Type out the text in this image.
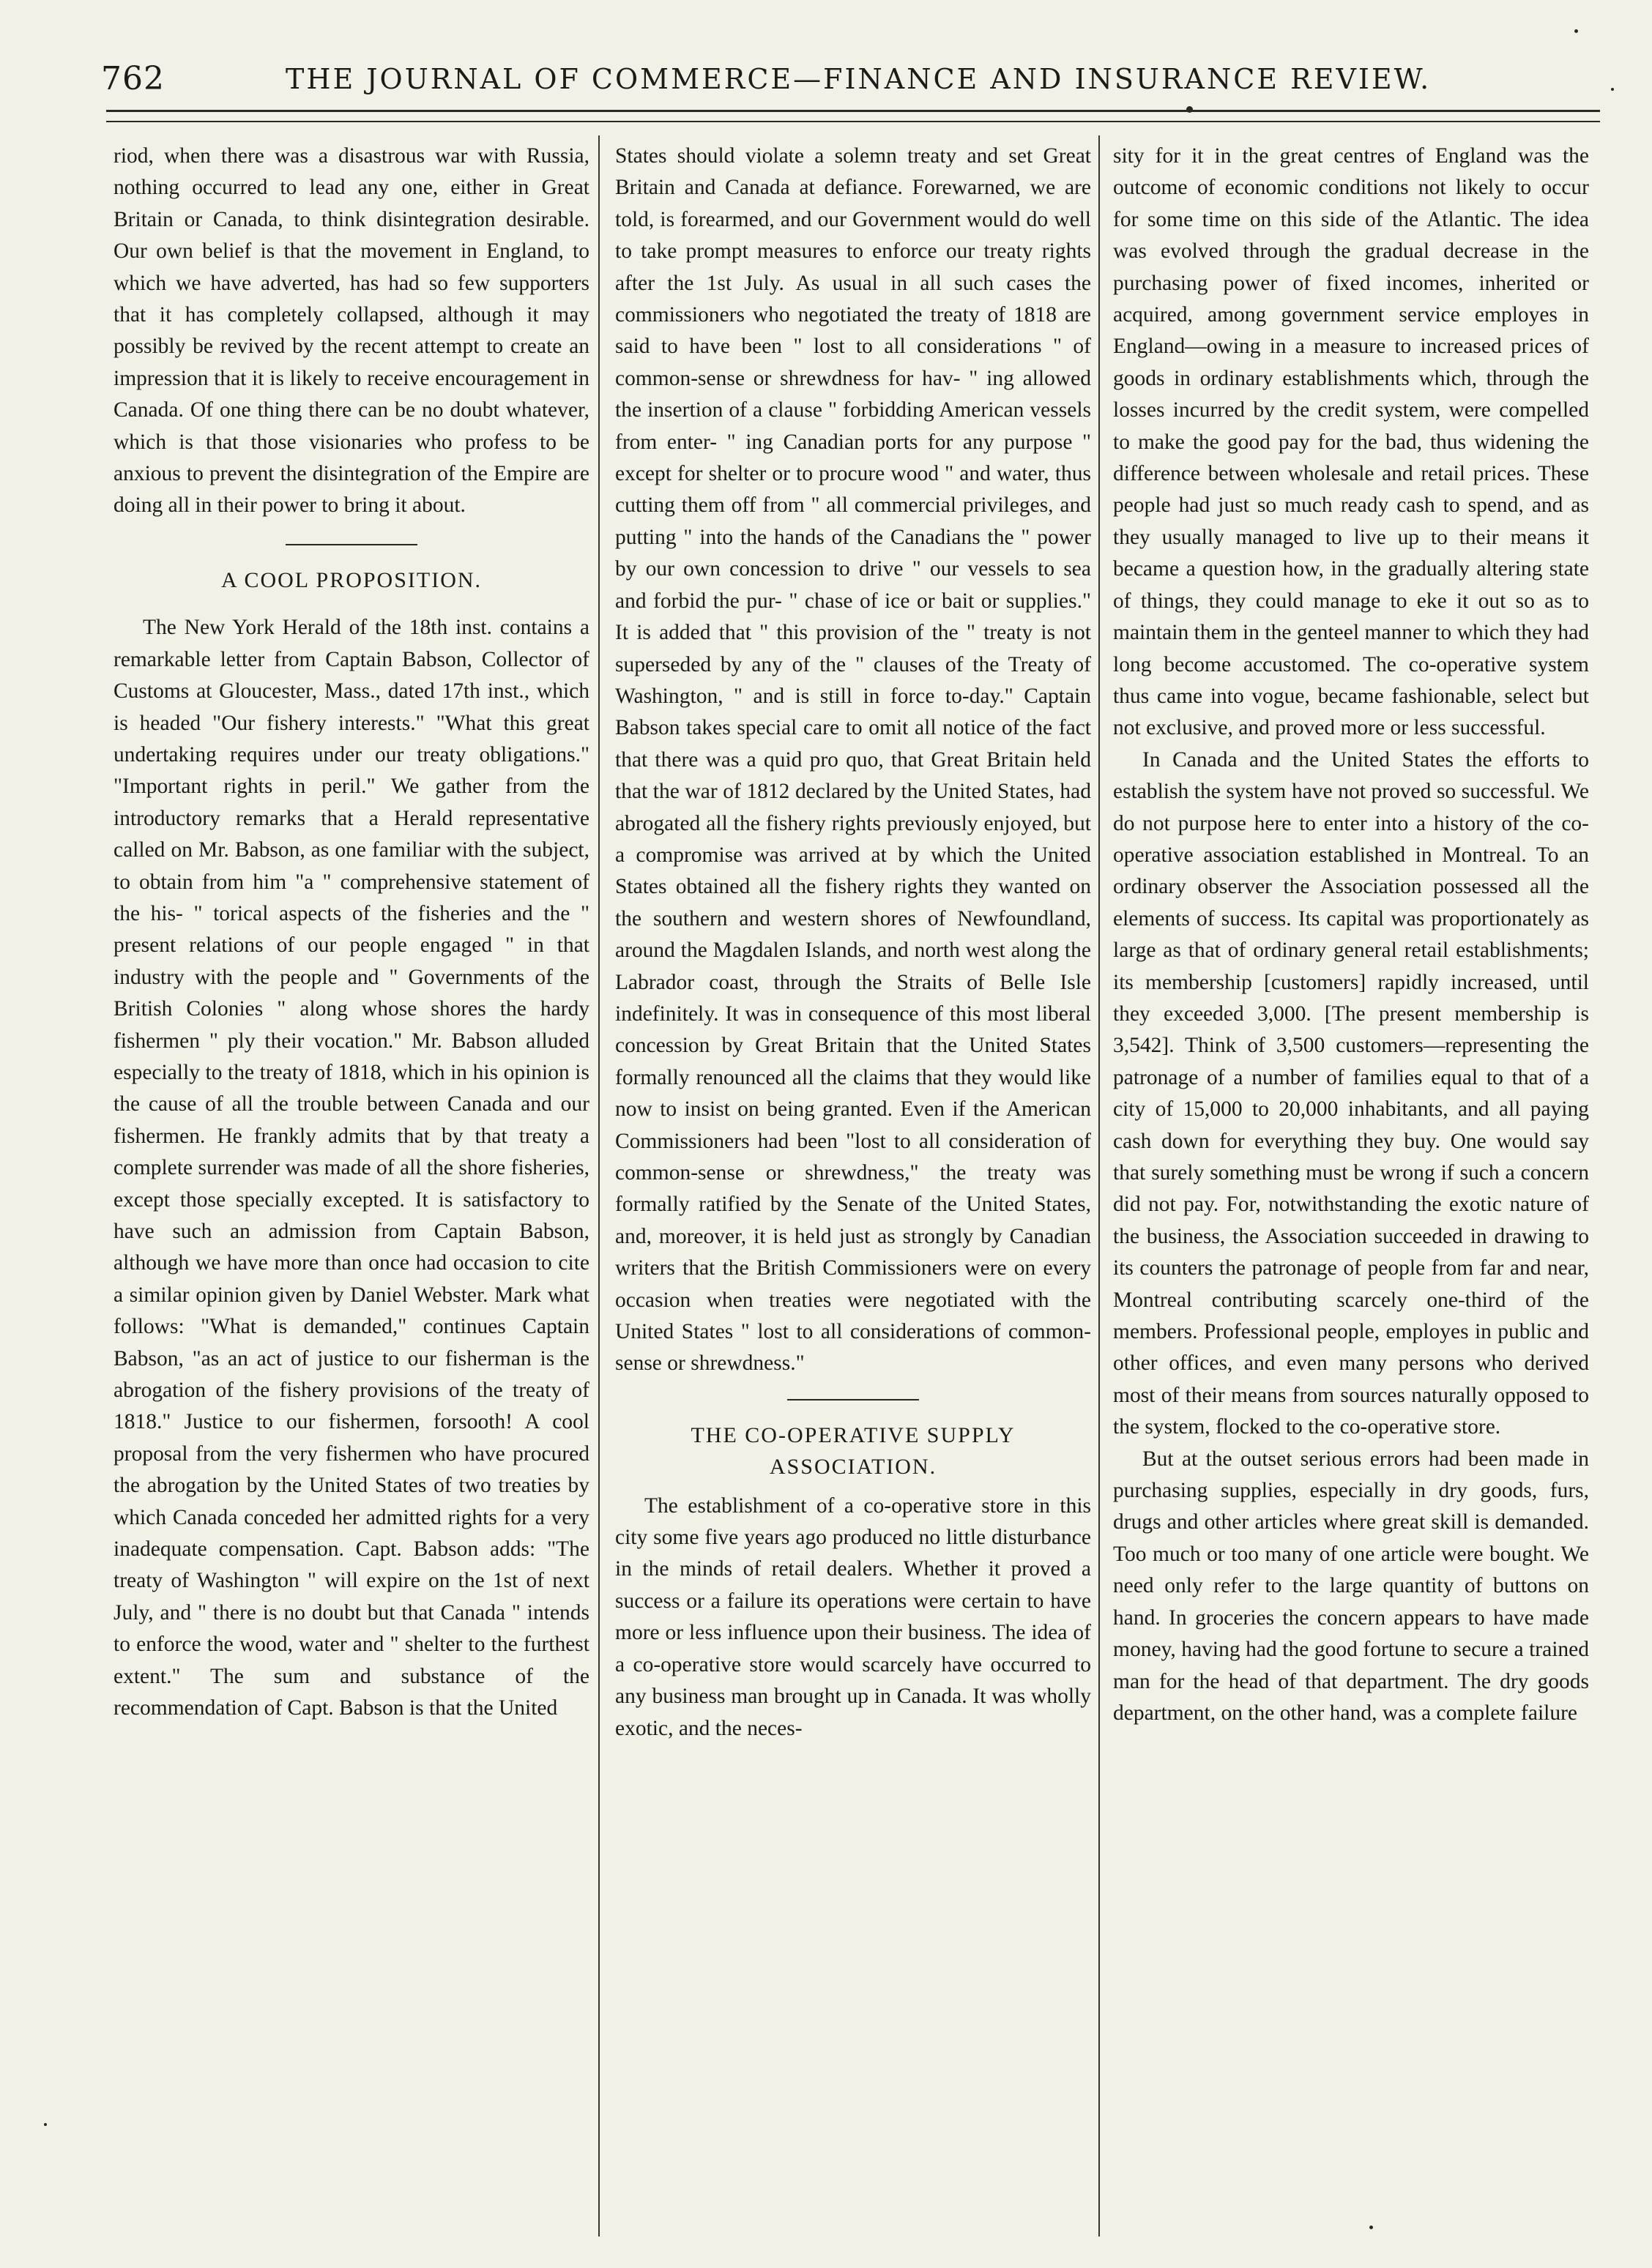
762	THE JOURNAL OF COMMERCE—FINANCE AND INSURANCE REVIEW.

riod, when there was a disastrous war with Russia, nothing occurred to lead any one, either in Great Britain or Canada, to think disintegration desirable. Our own belief is that the movement in England, to which we have adverted, has had so few supporters that it has completely collapsed, although it may possibly be revived by the recent attempt to create an impression that it is likely to receive encouragement in Canada. Of one thing there can be no doubt whatever, which is that those visionaries who profess to be anxious to prevent the disintegration of the Empire are doing all in their power to bring it about.

A COOL PROPOSITION.

The New York Herald of the 18th inst. contains a remarkable letter from Captain Babson, Collector of Customs at Gloucester, Mass., dated 17th inst., which is headed "Our fishery interests." "What this great undertaking requires under our treaty obligations." "Important rights in peril." We gather from the introductory remarks that a Herald representative called on Mr. Babson, as one familiar with the subject, to obtain from him "a " comprehensive statement of the his- " torical aspects of the fisheries and the " present relations of our people engaged " in that industry with the people and " Governments of the British Colonies " along whose shores the hardy fishermen " ply their vocation." Mr. Babson alluded especially to the treaty of 1818, which in his opinion is the cause of all the trouble between Canada and our fishermen. He frankly admits that by that treaty a complete surrender was made of all the shore fisheries, except those specially excepted. It is satisfactory to have such an admission from Captain Babson, although we have more than once had occasion to cite a similar opinion given by Daniel Webster. Mark what follows: "What is demanded," continues Captain Babson, "as an act of justice to our fisherman is the abrogation of the fishery provisions of the treaty of 1818." Justice to our fishermen, forsooth! A cool proposal from the very fishermen who have procured the abrogation by the United States of two treaties by which Canada conceded her admitted rights for a very inadequate compensation. Capt. Babson adds: "The treaty of Washington " will expire on the 1st of next July, and " there is no doubt but that Canada " intends to enforce the wood, water and " shelter to the furthest extent." The sum and substance of the recommendation of Capt. Babson is that the United

States should violate a solemn treaty and set Great Britain and Canada at defiance. Forewarned, we are told, is forearmed, and our Government would do well to take prompt measures to enforce our treaty rights after the 1st July. As usual in all such cases the commissioners who negotiated the treaty of 1818 are said to have been " lost to all considerations " of common-sense or shrewdness for hav- " ing allowed the insertion of a clause " forbidding American vessels from enter- " ing Canadian ports for any purpose " except for shelter or to procure wood " and water, thus cutting them off from " all commercial privileges, and putting " into the hands of the Canadians the " power by our own concession to drive " our vessels to sea and forbid the pur- " chase of ice or bait or supplies." It is added that " this provision of the " treaty is not superseded by any of the " clauses of the Treaty of Washington, " and is still in force to-day." Captain Babson takes special care to omit all notice of the fact that there was a quid pro quo, that Great Britain held that the war of 1812 declared by the United States, had abrogated all the fishery rights previously enjoyed, but a compromise was arrived at by which the United States obtained all the fishery rights they wanted on the southern and western shores of Newfoundland, around the Magdalen Islands, and north west along the Labrador coast, through the Straits of Belle Isle indefinitely. It was in consequence of this most liberal concession by Great Britain that the United States formally renounced all the claims that they would like now to insist on being granted. Even if the American Commissioners had been "lost to all consideration of common-sense or shrewdness," the treaty was formally ratified by the Senate of the United States, and, moreover, it is held just as strongly by Canadian writers that the British Commissioners were on every occasion when treaties were negotiated with the United States " lost to all considerations of common-sense or shrewdness."

THE CO-OPERATIVE SUPPLY

ASSOCIATION.

The establishment of a co-operative store in this city some five years ago produced no little disturbance in the minds of retail dealers. Whether it proved a success or a failure its operations were certain to have more or less influence upon their business. The idea of a co-operative store would scarcely have occurred to any business man brought up in Canada. It was wholly exotic, and the neces-

sity for it in the great centres of England was the outcome of economic conditions not likely to occur for some time on this side of the Atlantic. The idea was evolved through the gradual decrease in the purchasing power of fixed incomes, inherited or acquired, among government service employes in England—owing in a measure to increased prices of goods in ordinary establishments which, through the losses incurred by the credit system, were compelled to make the good pay for the bad, thus widening the difference between wholesale and retail prices. These people had just so much ready cash to spend, and as they usually managed to live up to their means it became a question how, in the gradually altering state of things, they could manage to eke it out so as to maintain them in the genteel manner to which they had long become accustomed. The co-operative system thus came into vogue, became fashionable, select but not exclusive, and proved more or less successful.

In Canada and the United States the efforts to establish the system have not proved so successful. We do not purpose here to enter into a history of the co-operative association established in Montreal. To an ordinary observer the Association possessed all the elements of success. Its capital was proportionately as large as that of ordinary general retail establishments; its membership [customers] rapidly increased, until they exceeded 3,000. [The present membership is 3,542]. Think of 3,500 customers—representing the patronage of a number of families equal to that of a city of 15,000 to 20,000 inhabitants, and all paying cash down for everything they buy. One would say that surely something must be wrong if such a concern did not pay. For, notwithstanding the exotic nature of the business, the Association succeeded in drawing to its counters the patronage of people from far and near, Montreal contributing scarcely one-third of the members. Professional people, employes in public and other offices, and even many persons who derived most of their means from sources naturally opposed to the system, flocked to the co-operative store.

But at the outset serious errors had been made in purchasing supplies, especially in dry goods, furs, drugs and other articles where great skill is demanded. Too much or too many of one article were bought. We need only refer to the large quantity of buttons on hand. In groceries the concern appears to have made money, having had the good fortune to secure a trained man for the head of that department. The dry goods department, on the other hand, was a complete failure
